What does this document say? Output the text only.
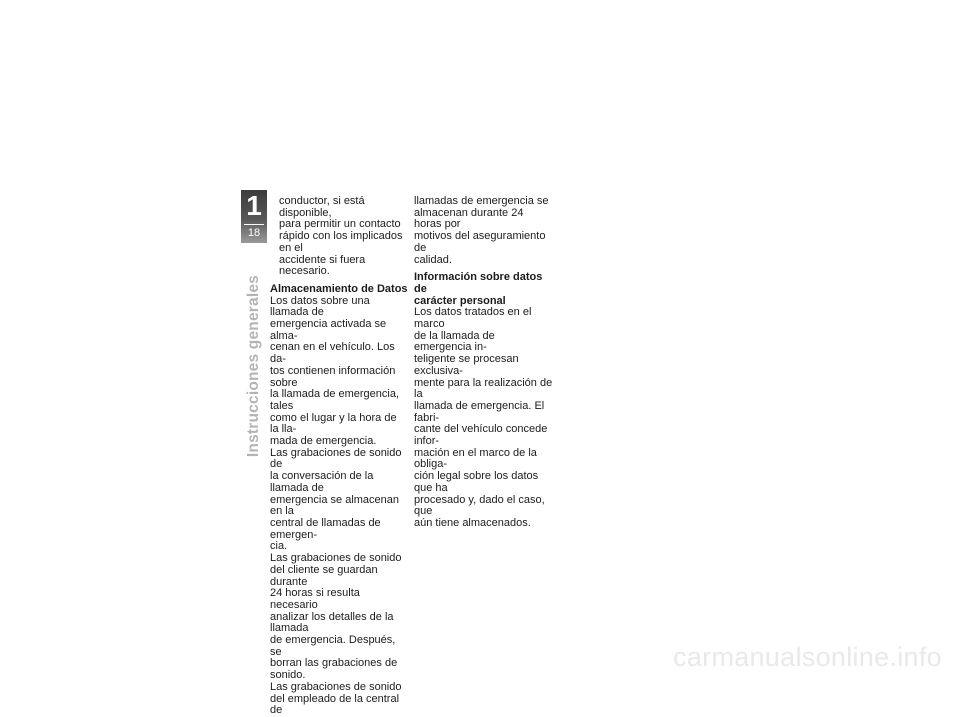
1
18
Instrucciones generales

conductor, si está disponible,

para permitir un contacto

rápido con los implicados en el

accidente si fuera necesario.

Almacenamiento de Datos

Los datos sobre una llamada de

emergencia activada se alma-

cenan en el vehículo. Los da-

tos contienen información sobre

la llamada de emergencia, tales

como el lugar y la hora de la lla-

mada de emergencia.

Las grabaciones de sonido de

la conversación de la llamada de

emergencia se almacenan en la

central de llamadas de emergen-

cia.

Las grabaciones de sonido

del cliente se guardan durante

24 horas si resulta necesario

analizar los detalles de la llamada

de emergencia. Después, se

borran las grabaciones de sonido.

Las grabaciones de sonido

del empleado de la central de

llamadas de emergencia se

almacenan durante 24 horas por

motivos del aseguramiento de

calidad.

Información sobre datos de

carácter personal

Los datos tratados en el marco

de la llamada de emergencia in-

teligente se procesan exclusiva-

mente para la realización de la

llamada de emergencia. El fabri-

cante del vehículo concede infor-

mación en el marco de la obliga-

ción legal sobre los datos que ha

procesado y, dado el caso, que

aún tiene almacenados.

carmanualsonline.info
